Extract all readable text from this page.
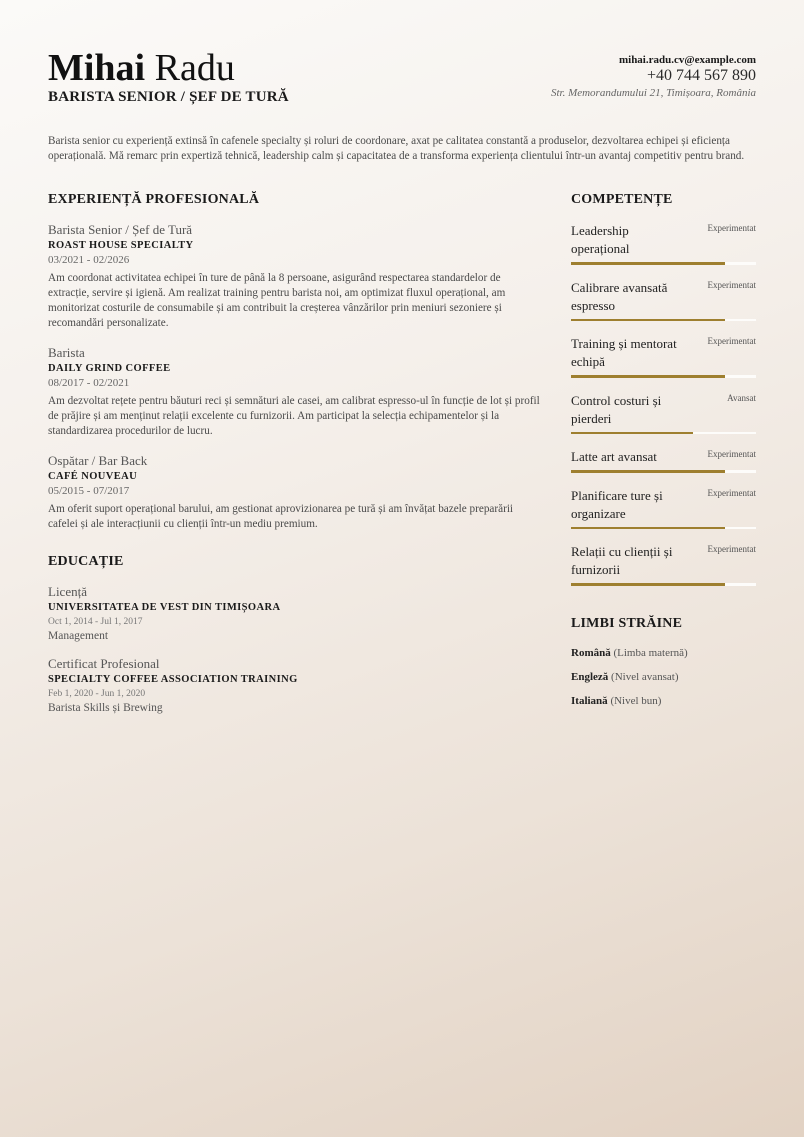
Mihai Radu
BARISTA SENIOR / ȘEF DE TURĂ
mihai.radu.cv@example.com
+40 744 567 890
Str. Memorandumului 21, Timișoara, România
Barista senior cu experiență extinsă în cafenele specialty și roluri de coordonare, axat pe calitatea constantă a produselor, dezvoltarea echipei și eficiența operațională. Mă remarc prin expertiză tehnică, leadership calm și capacitatea de a transforma experiența clientului într-un avantaj competitiv pentru brand.
EXPERIENȚĂ PROFESIONALĂ
Barista Senior / Șef de Tură
ROAST HOUSE SPECIALTY
03/2021 - 02/2026
Am coordonat activitatea echipei în ture de până la 8 persoane, asigurând respectarea standardelor de extracție, servire și igienă. Am realizat training pentru barista noi, am optimizat fluxul operațional, am monitorizat costurile de consumabile și am contribuit la creșterea vânzărilor prin meniuri sezoniere și recomandări personalizate.
Barista
DAILY GRIND COFFEE
08/2017 - 02/2021
Am dezvoltat rețete pentru băuturi reci și semnături ale casei, am calibrat espresso-ul în funcție de lot și profil de prăjire și am menținut relații excelente cu furnizorii. Am participat la selecția echipamentelor și la standardizarea procedurilor de lucru.
Ospătar / Bar Back
CAFÉ NOUVEAU
05/2015 - 07/2017
Am oferit suport operațional barului, am gestionat aprovizionarea pe tură și am învățat bazele preparării cafelei și ale interacțiunii cu clienții într-un mediu premium.
EDUCAȚIE
Licență
UNIVERSITATEA DE VEST DIN TIMIȘOARA
Oct 1, 2014 - Jul 1, 2017
Management
Certificat Profesional
SPECIALTY COFFEE ASSOCIATION TRAINING
Feb 1, 2020 - Jun 1, 2020
Barista Skills și Brewing
COMPETENȚE
Leadership operațional
Experimentat
Calibrare avansată espresso
Experimentat
Training și mentorat echipă
Experimentat
Control costuri și pierderi
Avansat
Latte art avansat	Experimentat
Planificare ture și organizare
Experimentat
Relații cu clienții și furnizorii
Experimentat
LIMBI STRĂINE
Română (Limba maternă)
Engleză (Nivel avansat)
Italiană (Nivel bun)
